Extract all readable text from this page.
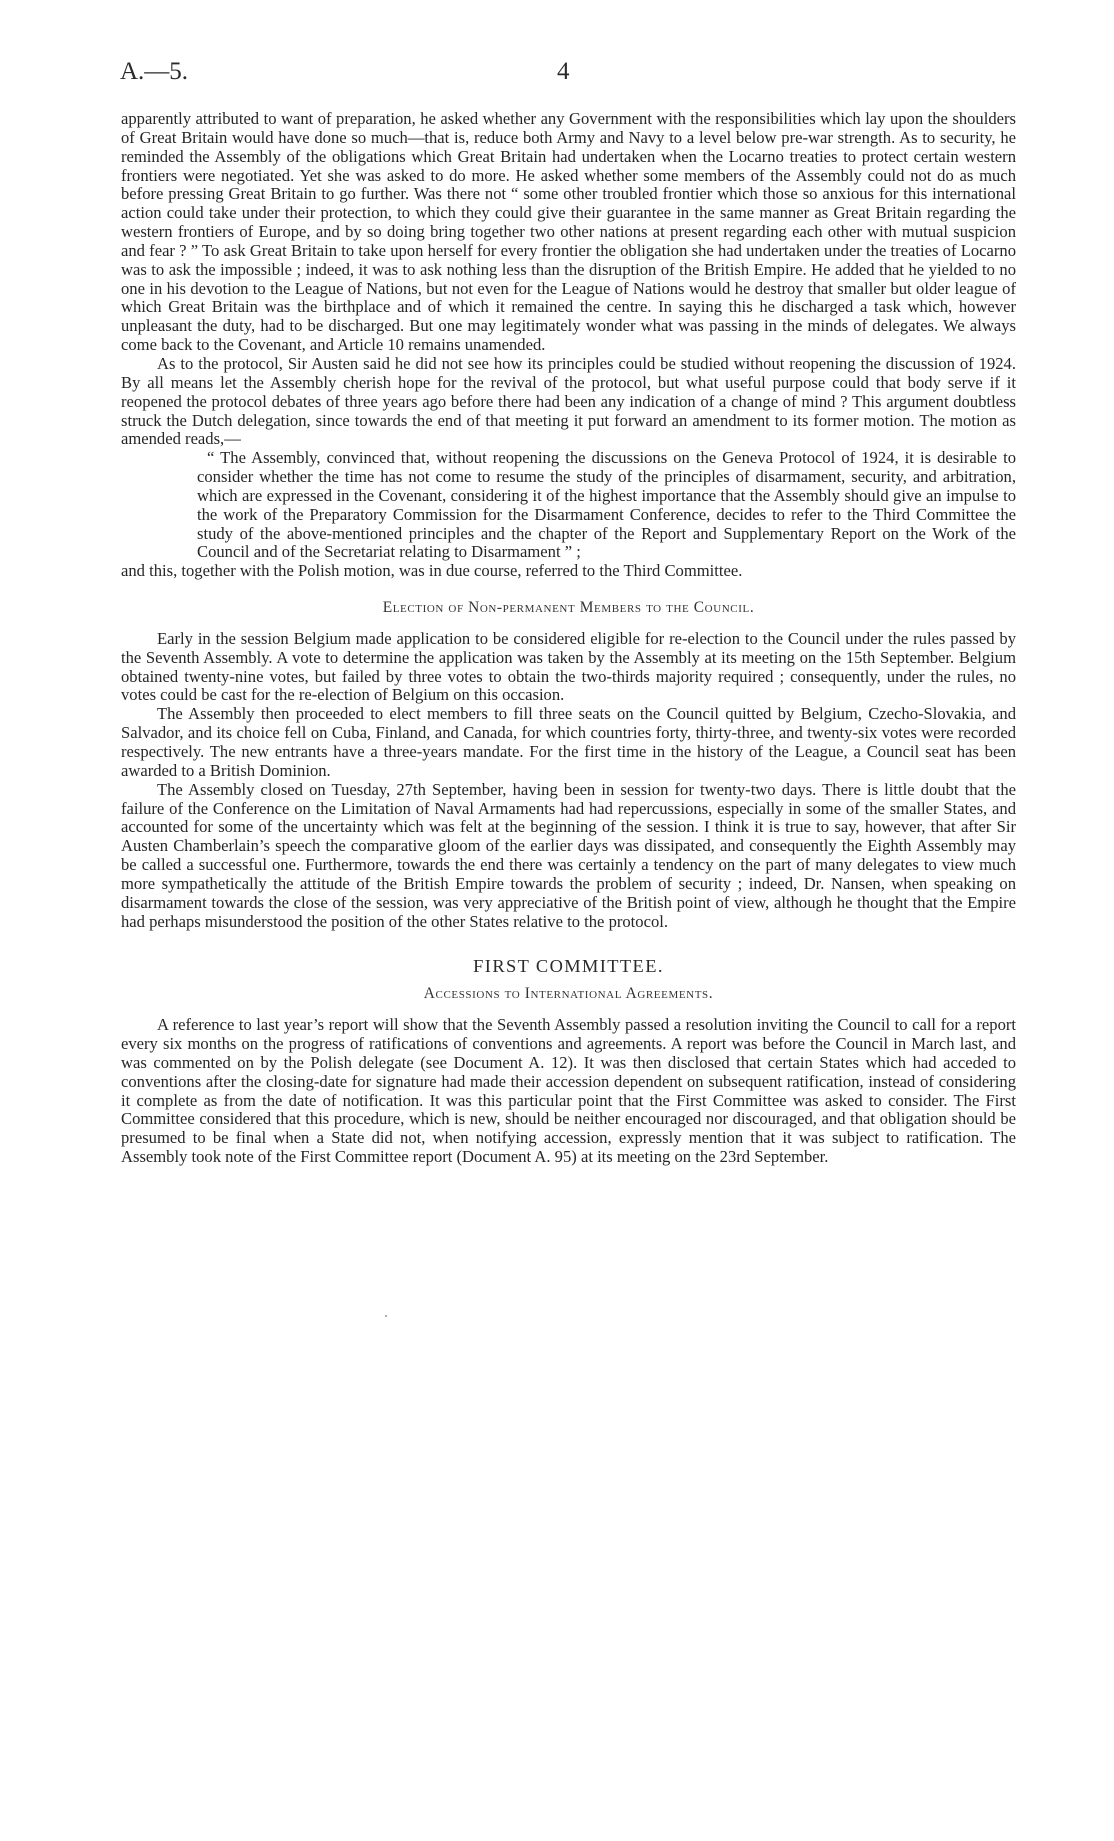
A.—5.	4

apparently attributed to want of preparation, he asked whether any Government with the responsibilities which lay upon the shoulders of Great Britain would have done so much—that is, reduce both Army and Navy to a level below pre-war strength. As to security, he reminded the Assembly of the obligations which Great Britain had undertaken when the Locarno treaties to protect certain western frontiers were negotiated. Yet she was asked to do more. He asked whether some members of the Assembly could not do as much before pressing Great Britain to go further. Was there not “ some other troubled frontier which those so anxious for this international action could take under their protection, to which they could give their guarantee in the same manner as Great Britain regarding the western frontiers of Europe, and by so doing bring together two other nations at present regarding each other with mutual suspicion and fear ? ” To ask Great Britain to take upon herself for every frontier the obligation she had undertaken under the treaties of Locarno was to ask the impossible ; indeed, it was to ask nothing less than the disruption of the British Empire. He added that he yielded to no one in his devotion to the League of Nations, but not even for the League of Nations would he destroy that smaller but older league of which Great Britain was the birthplace and of which it remained the centre. In saying this he discharged a task which, however unpleasant the duty, had to be discharged. But one may legitimately wonder what was passing in the minds of delegates. We always come back to the Covenant, and Article 10 remains unamended.

As to the protocol, Sir Austen said he did not see how its principles could be studied without reopening the discussion of 1924. By all means let the Assembly cherish hope for the revival of the protocol, but what useful purpose could that body serve if it reopened the protocol debates of three years ago before there had been any indication of a change of mind ? This argument doubtless struck the Dutch delegation, since towards the end of that meeting it put forward an amendment to its former motion. The motion as amended reads,—

“ The Assembly, convinced that, without reopening the discussions on the Geneva Protocol of 1924, it is desirable to consider whether the time has not come to resume the study of the principles of disarmament, security, and arbitration, which are expressed in the Covenant, considering it of the highest importance that the Assembly should give an impulse to the work of the Preparatory Commission for the Disarmament Conference, decides to refer to the Third Committee the study of the above-mentioned principles and the chapter of the Report and Supplementary Report on the Work of the Council and of the Secretariat relating to Disarmament ” ;

and this, together with the Polish motion, was in due course, referred to the Third Committee.

Election of Non-permanent Members to the Council.

Early in the session Belgium made application to be considered eligible for re-election to the Council under the rules passed by the Seventh Assembly. A vote to determine the application was taken by the Assembly at its meeting on the 15th September. Belgium obtained twenty-nine votes, but failed by three votes to obtain the two-thirds majority required ; consequently, under the rules, no votes could be cast for the re-election of Belgium on this occasion.

The Assembly then proceeded to elect members to fill three seats on the Council quitted by Belgium, Czecho-Slovakia, and Salvador, and its choice fell on Cuba, Finland, and Canada, for which countries forty, thirty-three, and twenty-six votes were recorded respectively. The new entrants have a three-years mandate. For the first time in the history of the League, a Council seat has been awarded to a British Dominion.

The Assembly closed on Tuesday, 27th September, having been in session for twenty-two days. There is little doubt that the failure of the Conference on the Limitation of Naval Armaments had had repercussions, especially in some of the smaller States, and accounted for some of the uncertainty which was felt at the beginning of the session. I think it is true to say, however, that after Sir Austen Chamberlain’s speech the comparative gloom of the earlier days was dissipated, and consequently the Eighth Assembly may be called a successful one. Furthermore, towards the end there was certainly a tendency on the part of many delegates to view much more sympathetically the attitude of the British Empire towards the problem of security ; indeed, Dr. Nansen, when speaking on disarmament towards the close of the session, was very appreciative of the British point of view, although he thought that the Empire had perhaps misunderstood the position of the other States relative to the protocol.

FIRST COMMITTEE.

Accessions to International Agreements.

A reference to last year’s report will show that the Seventh Assembly passed a resolution inviting the Council to call for a report every six months on the progress of ratifications of conventions and agreements. A report was before the Council in March last, and was commented on by the Polish delegate (see Document A. 12). It was then disclosed that certain States which had acceded to conventions after the closing-date for signature had made their accession dependent on subsequent ratification, instead of considering it complete as from the date of notification. It was this particular point that the First Committee was asked to consider. The First Committee considered that this procedure, which is new, should be neither encouraged nor discouraged, and that obligation should be presumed to be final when a State did not, when notifying accession, expressly mention that it was subject to ratification. The Assembly took note of the First Committee report (Document A. 95) at its meeting on the 23rd September.
